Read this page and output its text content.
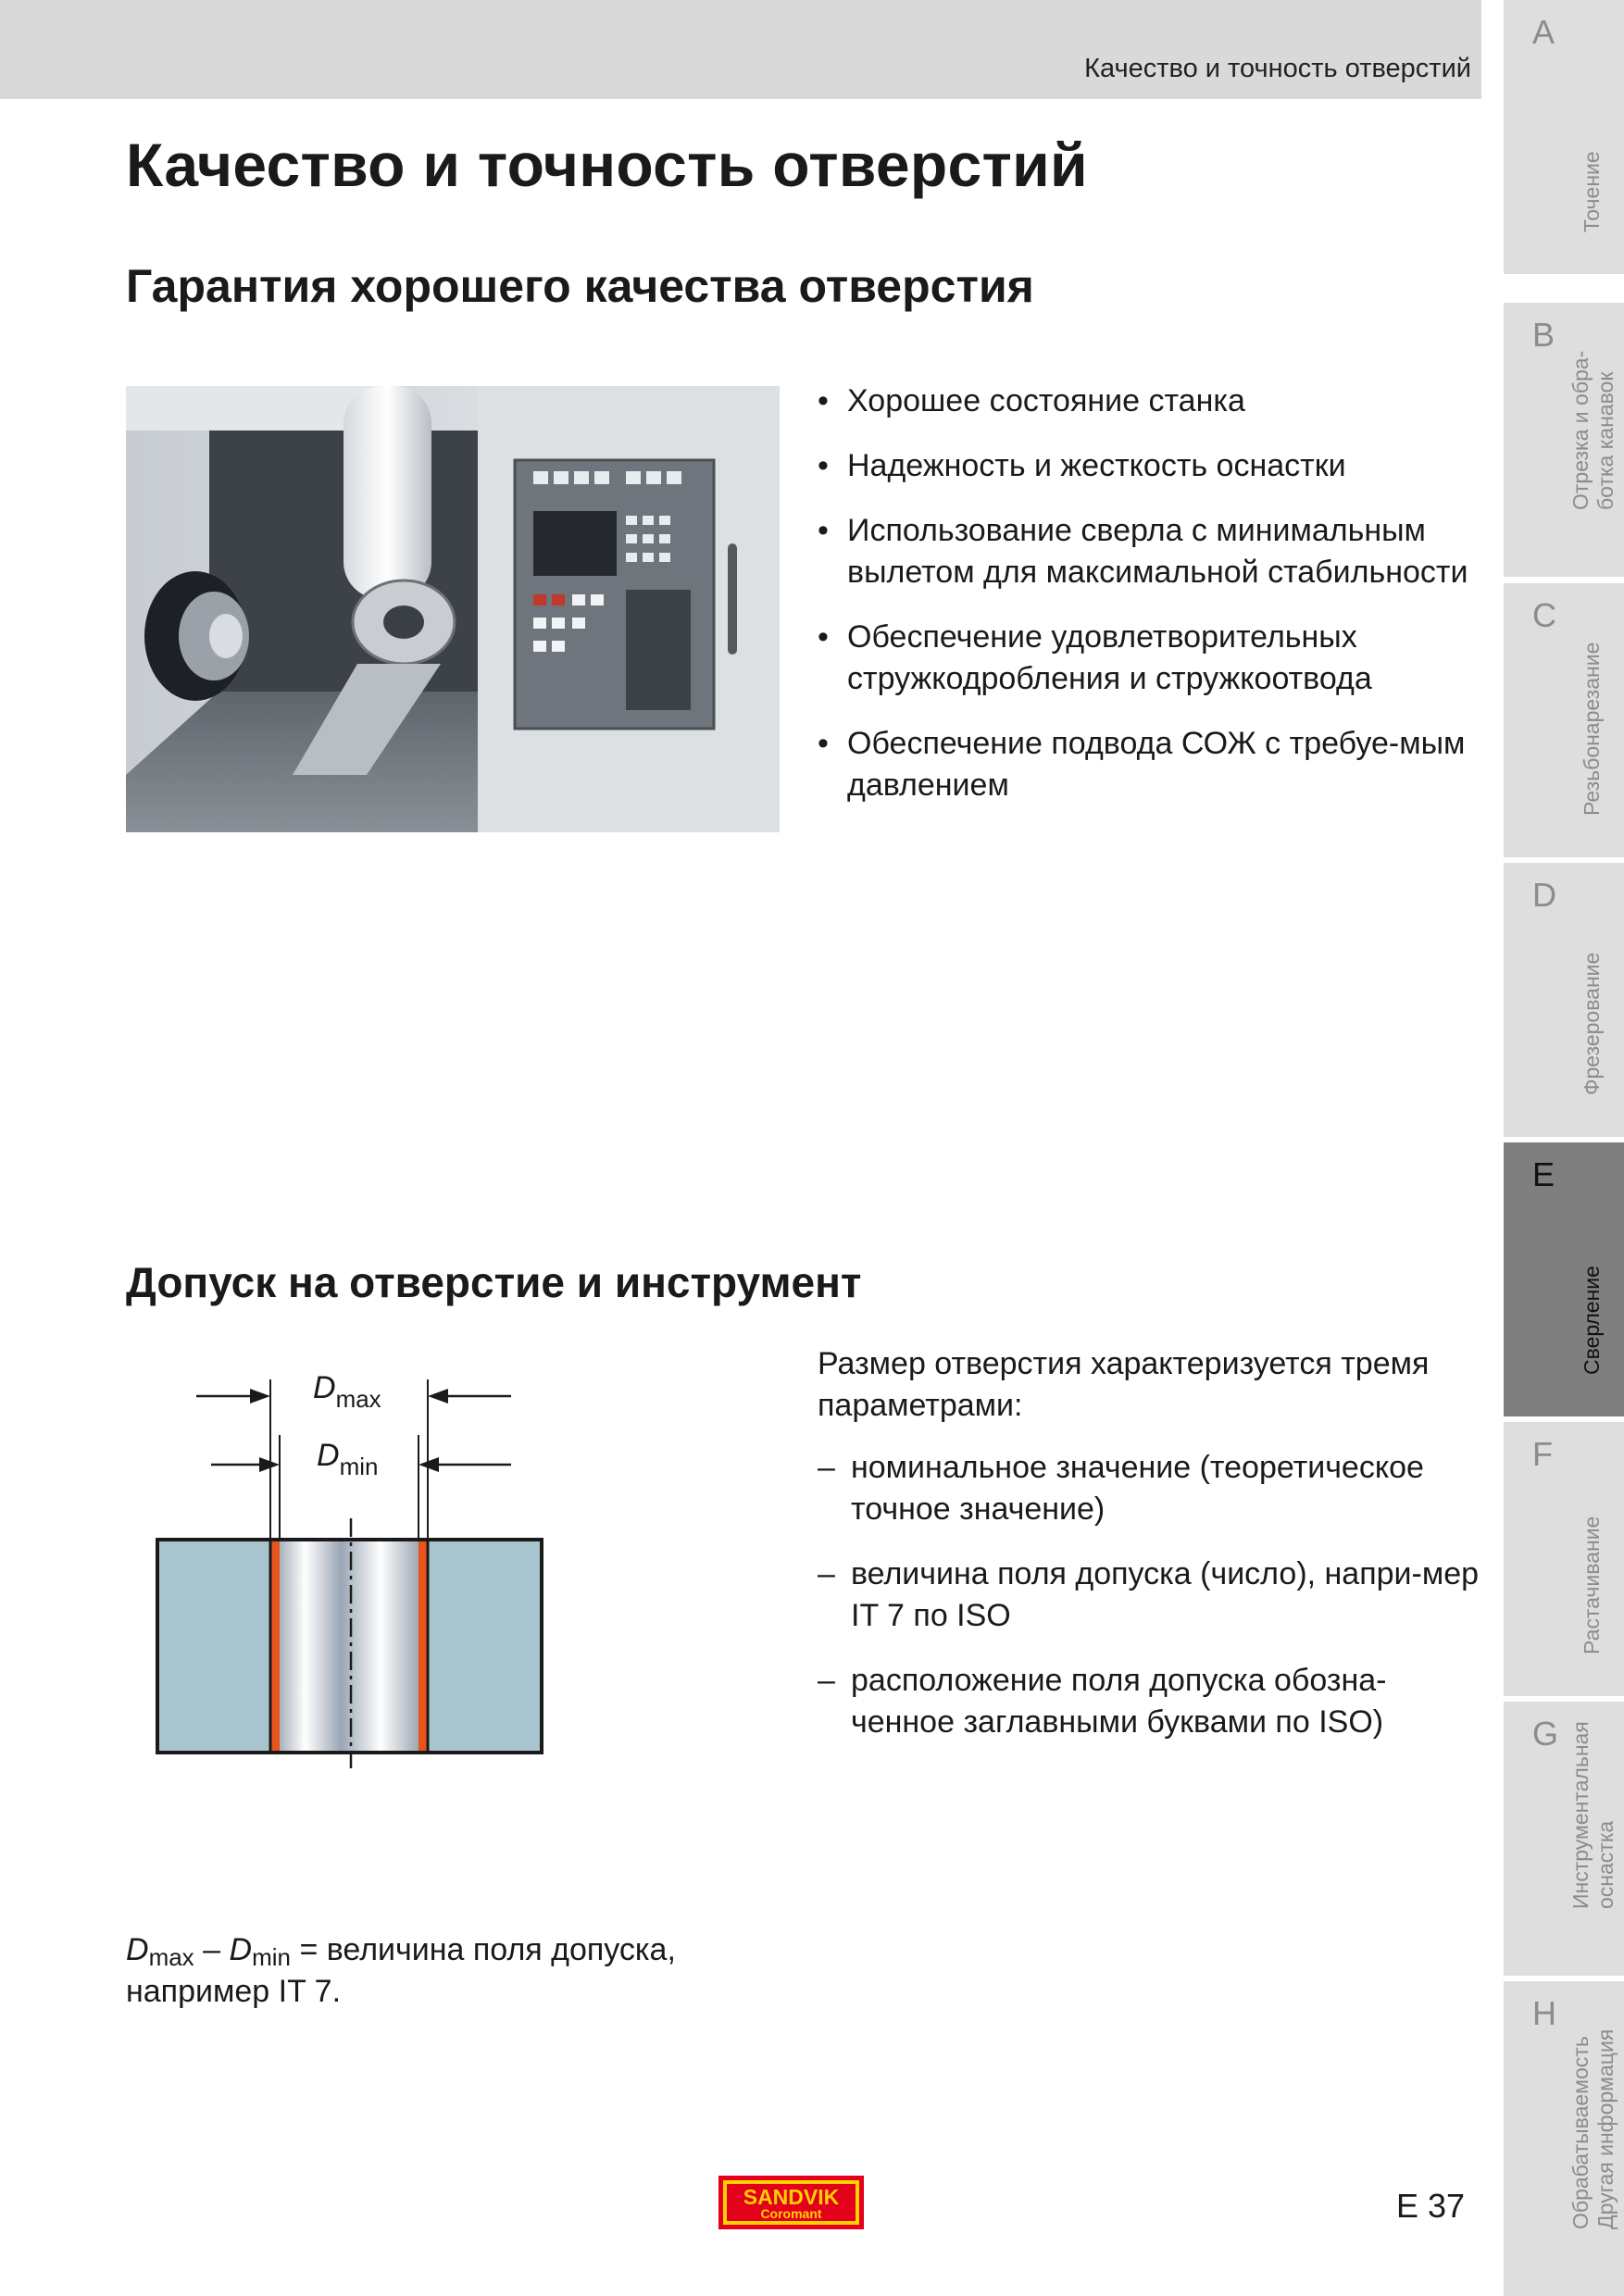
Качество и точность отверстий
Качество и точность отверстий
Гарантия хорошего качества отверстия
• Хорошее состояние станка
• Надежность и жесткость оснастки
• Использование сверла с минимальным вылетом для максимальной стабильности
• Обеспечение удовлетворительных стружкодробления и стружкоотвода
• Обеспечение подвода СОЖ с требуе-мым давлением
Допуск на отверстие и инструмент
$D_{max}$
$D_{min}$

Размер отверстия характеризуется тремя параметрами:

– номинальное значение (теоретическое точное значение)
– величина поля допуска (число), напри-мер IT 7 по ISO
– расположение поля допуска обозна-ченное заглавными буквами по ISO)

$D_{max} - D_{min}$ = величина поля допуска,
например IT 7.

SANDVIK
Coromant	E 37
A
Точение
B
Отрезка и обра-
ботка канавок
C
Резьбонарезание
D
Фрезерование
E
Сверление
F
Растачивание
G Инструментальная
оснастка
H
Обрабатываемость
Другая информация
